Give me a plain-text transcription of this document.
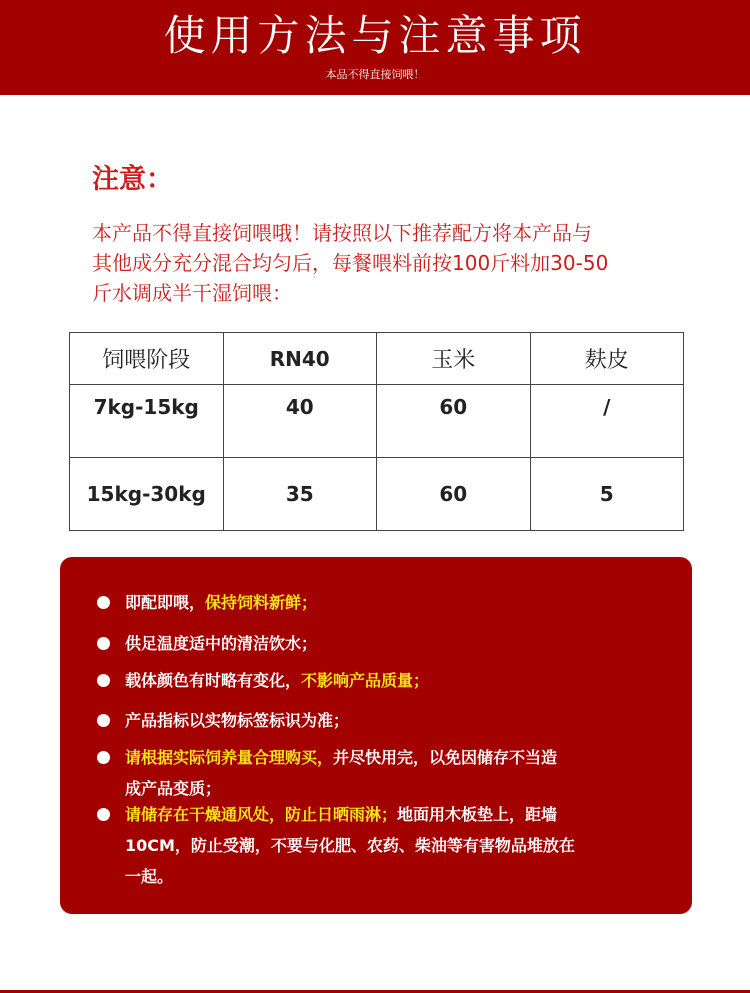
使用方法与注意事项
本品不得直接饲喂！
注意：
本产品不得直接饲喂哦！请按照以下推荐配方将本产品与
其他成分充分混合均匀后，每餐喂料前按100斤料加30-50
斤水调成半干湿饲喂：
饲喂阶段	RN40	玉米	麸皮
7kg-15kg	40	60	/
15kg-30kg	35	60	5
即配即喂，保持饲料新鲜；
供足温度适中的清洁饮水；
载体颜色有时略有变化，不影响产品质量；
产品指标以实物标签标识为准；
请根据实际饲养量合理购买，并尽快用完，以免因储存不当造
成产品变质；
请储存在干燥通风处，防止日晒雨淋；地面用木板垫上，距墙
10CM，防止受潮，不要与化肥、农药、柴油等有害物品堆放在
一起。
